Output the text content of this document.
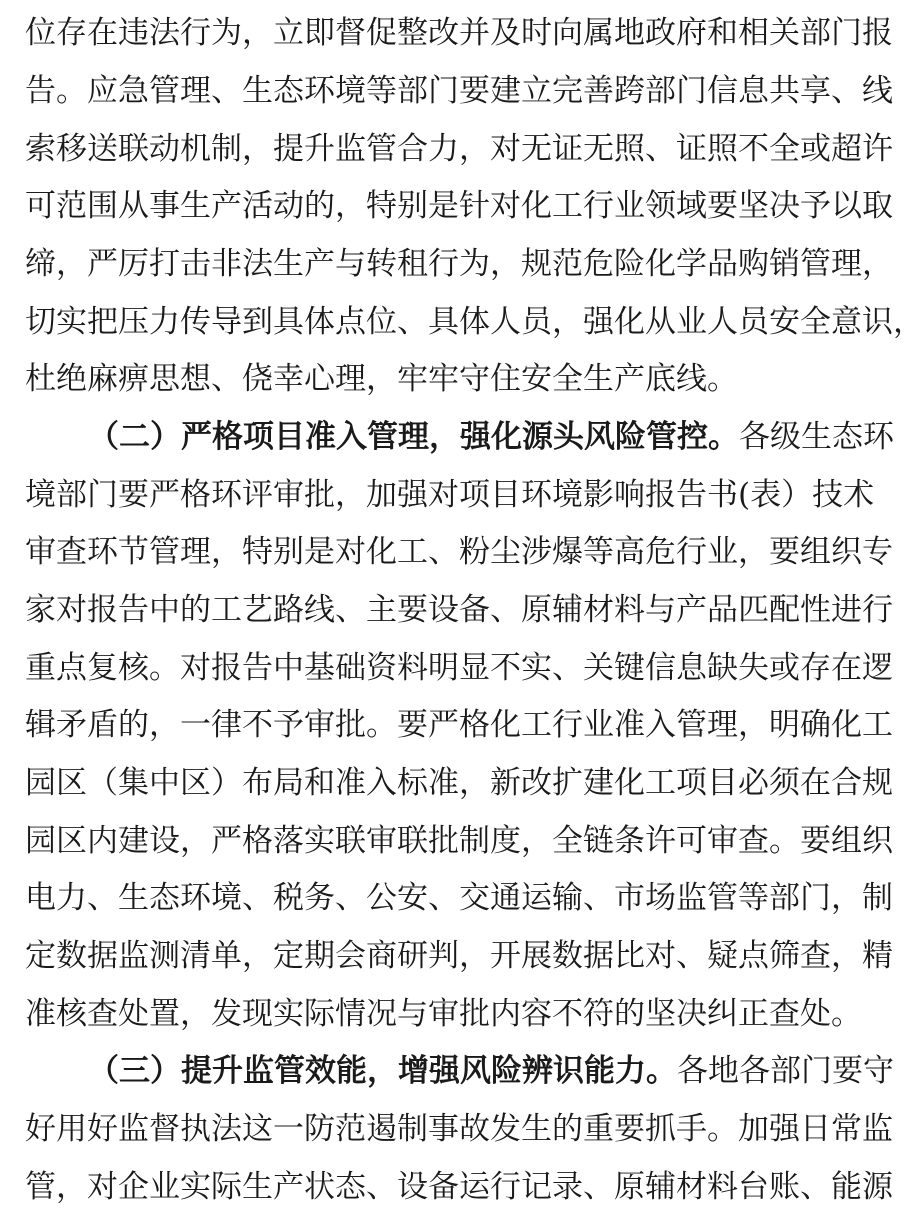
位存在违法行为，立即督促整改并及时向属地政府和相关部门报
告。应急管理、生态环境等部门要建立完善跨部门信息共享、线
索移送联动机制，提升监管合力，对无证无照、证照不全或超许
可范围从事生产活动的，特别是针对化工行业领域要坚决予以取
缔，严厉打击非法生产与转租行为，规范危险化学品购销管理，
切实把压力传导到具体点位、具体人员，强化从业人员安全意识，
杜绝麻痹思想、侥幸心理，牢牢守住安全生产底线。
（二）严格项目准入管理，强化源头风险管控。各级生态环
境部门要严格环评审批，加强对项目环境影响报告书(表）技术
审查环节管理，特别是对化工、粉尘涉爆等高危行业，要组织专
家对报告中的工艺路线、主要设备、原辅材料与产品匹配性进行
重点复核。对报告中基础资料明显不实、关键信息缺失或存在逻
辑矛盾的，一律不予审批。要严格化工行业准入管理，明确化工
园区（集中区）布局和准入标准，新改扩建化工项目必须在合规
园区内建设，严格落实联审联批制度，全链条许可审查。要组织
电力、生态环境、税务、公安、交通运输、市场监管等部门，制
定数据监测清单，定期会商研判，开展数据比对、疑点筛查，精
准核查处置，发现实际情况与审批内容不符的坚决纠正查处。
（三）提升监管效能，增强风险辨识能力。各地各部门要守
好用好监督执法这一防范遏制事故发生的重要抓手。加强日常监
管，对企业实际生产状态、设备运行记录、原辅材料台账、能源
